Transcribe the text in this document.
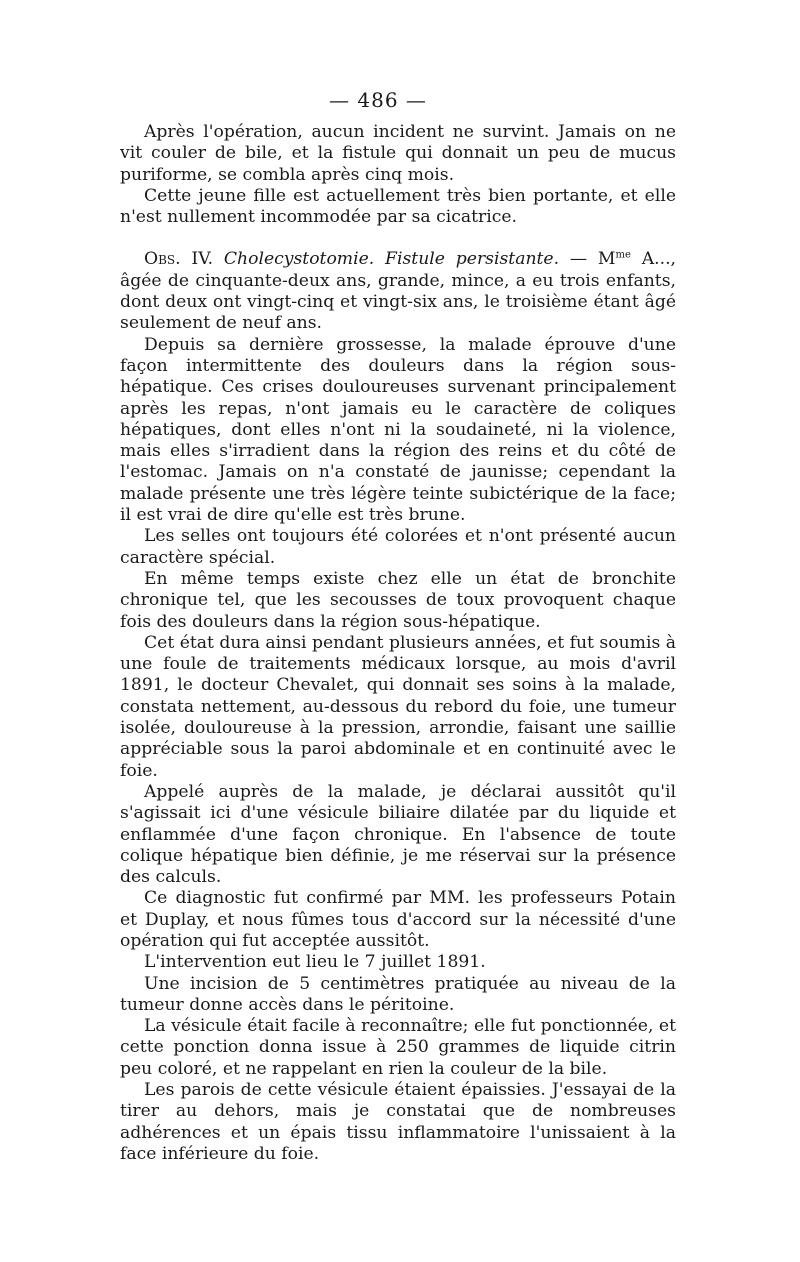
— 486 —

Après l'opération, aucun incident ne survint. Jamais on ne vit couler de bile, et la fistule qui donnait un peu de mucus puriforme, se combla après cinq mois.

Cette jeune fille est actuellement très bien portante, et elle n'est nullement incommodée par sa cicatrice.

Obs. IV. Cholecystotomie. Fistule persistante. — $M^{me}$ A..., âgée de cinquante-deux ans, grande, mince, a eu trois enfants, dont deux ont vingt-cinq et vingt-six ans, le troisième étant âgé seulement de neuf ans.

Depuis sa dernière grossesse, la malade éprouve d'une façon intermittente des douleurs dans la région sous-hépatique. Ces crises douloureuses survenant principalement après les repas, n'ont jamais eu le caractère de coliques hépatiques, dont elles n'ont ni la soudaineté, ni la violence, mais elles s'irradient dans la région des reins et du côté de l'estomac. Jamais on n'a constaté de jaunisse; cependant la malade présente une très légère teinte subictérique de la face; il est vrai de dire qu'elle est très brune.

Les selles ont toujours été colorées et n'ont présenté aucun caractère spécial.

En même temps existe chez elle un état de bronchite chronique tel, que les secousses de toux provoquent chaque fois des douleurs dans la région sous-hépatique.

Cet état dura ainsi pendant plusieurs années, et fut soumis à une foule de traitements médicaux lorsque, au mois d'avril 1891, le docteur Chevalet, qui donnait ses soins à la malade, constata nettement, au-dessous du rebord du foie, une tumeur isolée, douloureuse à la pression, arrondie, faisant une saillie appréciable sous la paroi abdominale et en continuité avec le foie.

Appelé auprès de la malade, je déclarai aussitôt qu'il s'agissait ici d'une vésicule biliaire dilatée par du liquide et enflammée d'une façon chronique. En l'absence de toute colique hépatique bien définie, je me réservai sur la présence des calculs.

Ce diagnostic fut confirmé par MM. les professeurs Potain et Duplay, et nous fûmes tous d'accord sur la nécessité d'une opération qui fut acceptée aussitôt.

L'intervention eut lieu le 7 juillet 1891.

Une incision de 5 centimètres pratiquée au niveau de la tumeur donne accès dans le péritoine.

La vésicule était facile à reconnaître; elle fut ponctionnée, et cette ponction donna issue à 250 grammes de liquide citrin peu coloré, et ne rappelant en rien la couleur de la bile.

Les parois de cette vésicule étaient épaissies. J'essayai de la tirer au dehors, mais je constatai que de nombreuses adhérences et un épais tissu inflammatoire l'unissaient à la face inférieure du foie.
